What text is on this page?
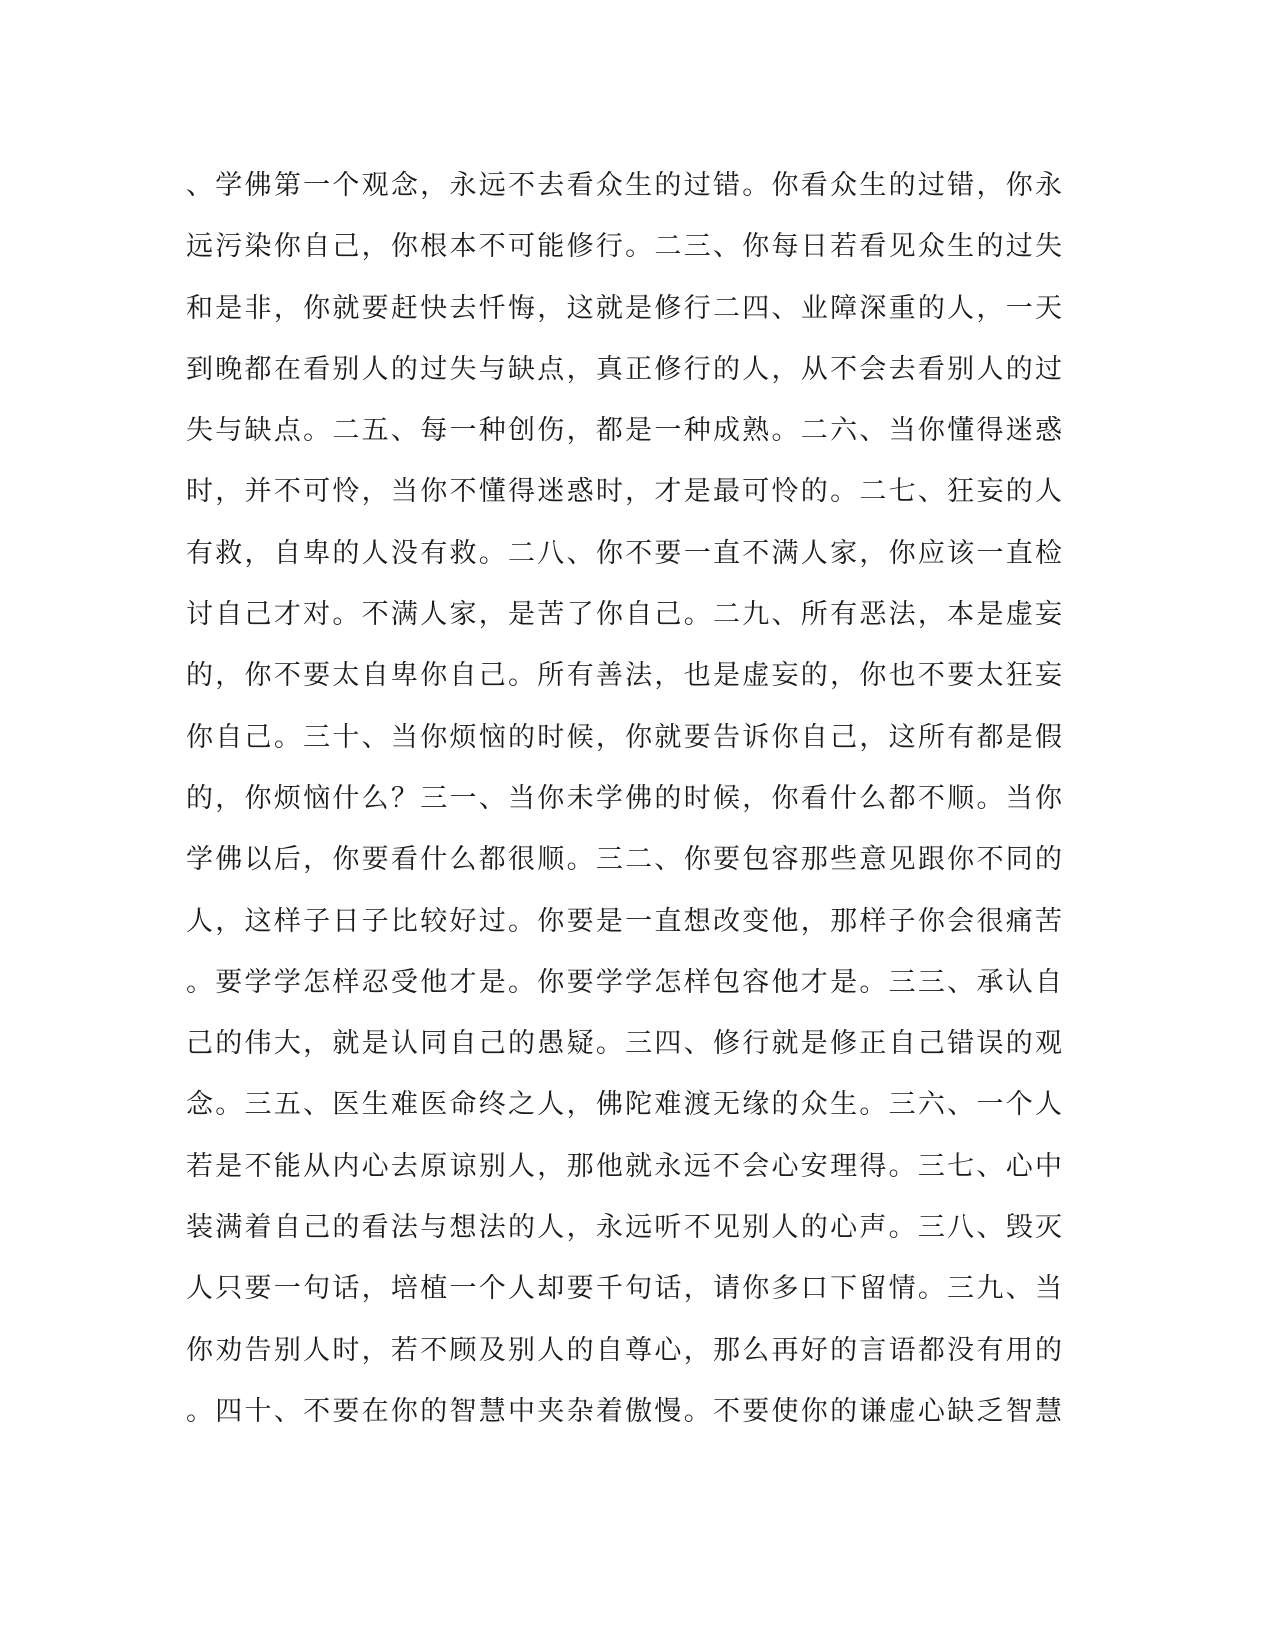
、学佛第一个观念，永远不去看众生的过错。你看众生的过错，你永
远污染你自己，你根本不可能修行。二三、你每日若看见众生的过失
和是非，你就要赶快去忏悔，这就是修行二四、业障深重的人，一天
到晚都在看别人的过失与缺点，真正修行的人，从不会去看别人的过
失与缺点。二五、每一种创伤，都是一种成熟。二六、当你懂得迷惑
时，并不可怜，当你不懂得迷惑时，才是最可怜的。二七、狂妄的人
有救，自卑的人没有救。二八、你不要一直不满人家，你应该一直检
讨自己才对。不满人家，是苦了你自己。二九、所有恶法，本是虚妄
的，你不要太自卑你自己。所有善法，也是虚妄的，你也不要太狂妄
你自己。三十、当你烦恼的时候，你就要告诉你自己，这所有都是假
的，你烦恼什么？三一、当你未学佛的时候，你看什么都不顺。当你
学佛以后，你要看什么都很顺。三二、你要包容那些意见跟你不同的
人，这样子日子比较好过。你要是一直想改变他，那样子你会很痛苦
。要学学怎样忍受他才是。你要学学怎样包容他才是。三三、承认自
己的伟大，就是认同自己的愚疑。三四、修行就是修正自己错误的观
念。三五、医生难医命终之人，佛陀难渡无缘的众生。三六、一个人
若是不能从内心去原谅别人，那他就永远不会心安理得。三七、心中
装满着自己的看法与想法的人，永远听不见别人的心声。三八、毁灭
人只要一句话，培植一个人却要千句话，请你多口下留情。三九、当
你劝告别人时，若不顾及别人的自尊心，那么再好的言语都没有用的
。四十、不要在你的智慧中夹杂着傲慢。不要使你的谦虚心缺乏智慧
